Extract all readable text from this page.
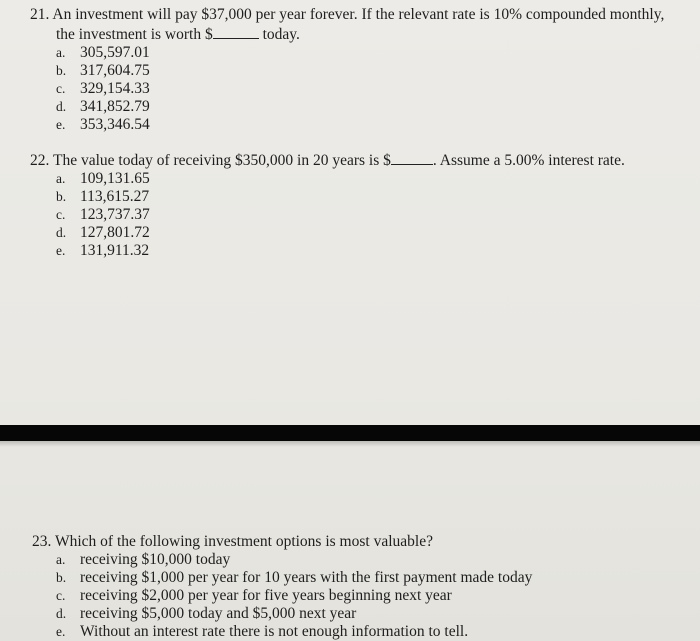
21. An investment will pay $37,000 per year forever. If the relevant rate is 10% compounded monthly,
the investment is worth $	today.
a. 305,597.01
b. 317,604.75
c. 329,154.33
d. 341,852.79
e. 353,346.54
22. The value today of receiving $350,000 in 20 years is $	. Assume a 5.00% interest rate.
a. 109,131.65
b. 113,615.27
c. 123,737.37
d. 127,801.72
e. 131,911.32
23. Which of the following investment options is most valuable?
a. receiving $10,000 today
b. receiving $1,000 per year for 10 years with the first payment made today
c. receiving $2,000 per year for five years beginning next year
d. receiving $5,000 today and $5,000 next year
e. Without an interest rate there is not enough information to tell.
